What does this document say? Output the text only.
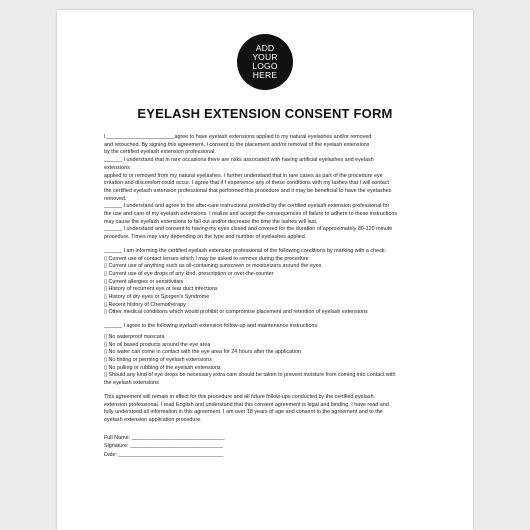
ADD YOUR LOGO HERE
EYELASH EXTENSION CONSENT FORM

I_______________________agree to have eyelash extensions applied to my natural eyelashes and/or removed

and retouched. By signing this agreement, I consent to the placement and/or removal of the eyelash extensions

by the certified eyelash extension professional.

______ I understand that in rare occasions there are risks associated with having artificial eyelashes and eyelash

extensions

applied to or removed from my natural eyelashes. I further understand that in rare cases as part of the procedure eye

irritation and discomfort could occur. I agree that if I experience any of these conditions with my lashes that I will contact

the certified eyelash extension professional that performed this procedure and it may be beneficial to have the eyelashes

removed.

______ I understand and agree to the after-care instructions provided by the certified eyelash extension professional for

the use and care of my eyelash extensions. I realize and accept the consequences of failure to adhere to these instructions

may cause the eyelash extensions to fall out and/or decrease the time the lashes will last.

______ I understand and consent to having my eyes closed and covered for the duration of approximately 80-120 minute

procedure. Times may vary depending on the type and number of eyelashes applied.

______ I am informing the certified eyelash extension professional of the following conditions by marking with a check:

▯ Current use of contact lenses which I may be asked to remove during the procedure

▯ Current use of anything such as oil-containing sunscreen or moisturizers around the eyes

▯ Current use of eye drops of any kind, prescription or over-the-counter

▯ Current allergies or sensitivities

▯ History of recurrent eye or tear duct infections

▯ History of dry eyes or Sjorgen's Syndrome

▯ Recent history of Chemotherapy

▯ Other medical conditions which would prohibit or compromise placement and retention of eyelash extensions

______ I agree to the following eyelash extension follow-up and maintenance instructions:

▯ No waterproof mascara

▯ No oil based products around the eye area

▯ No water can come in contact with the eye area for 24 hours after the application

▯ No tinting or perming of eyelash extensions

▯ No pulling or rubbing of the eyelash extensions

▯ Should any kind of eye drops be necessary extra care should be taken to prevent moisture from coming into contact with

the eyelash extensions

This agreement will remain in effect for this procedure and all future follow-ups conducted by the certified eyelash

extension professional. I read English and understand that this consent agreement is legal and binding. I have read and

fully understood all information in this agreement. I am over 18 years of age and consent to the agreement and to the

eyelash extension application procedure.

Full Name: _______________________________

Signature: _______________________________

Date: ___________________________________
